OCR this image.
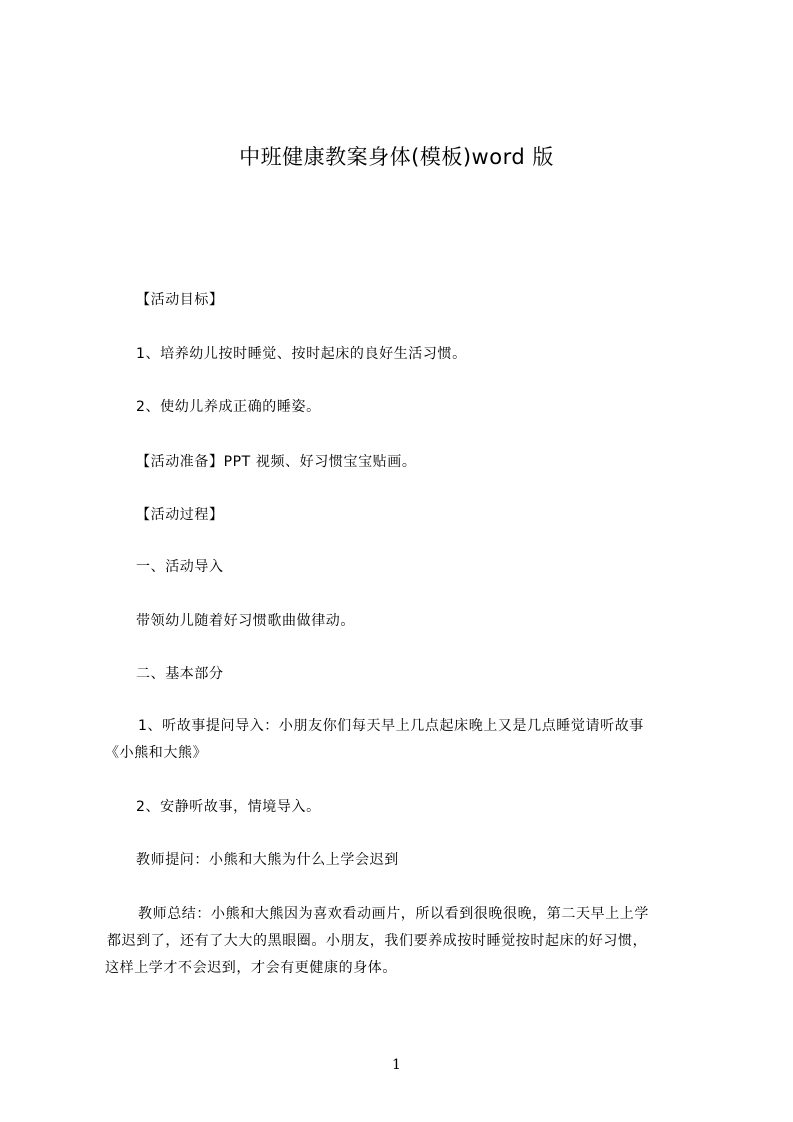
中班健康教案身体(模板)word 版
【活动目标】
1、培养幼儿按时睡觉、按时起床的良好生活习惯。
2、使幼儿养成正确的睡姿。
【活动准备】PPT 视频、好习惯宝宝贴画。
【活动过程】
一、活动导入
带领幼儿随着好习惯歌曲做律动。
二、基本部分
1、听故事提问导入：小朋友你们每天早上几点起床晚上又是几点睡觉请听故事
《小熊和大熊》
2、安静听故事，情境导入。
教师提问：小熊和大熊为什么上学会迟到
教师总结：小熊和大熊因为喜欢看动画片，所以看到很晚很晚，第二天早上上学
都迟到了，还有了大大的黑眼圈。小朋友，我们要养成按时睡觉按时起床的好习惯，
这样上学才不会迟到，才会有更健康的身体。
1
